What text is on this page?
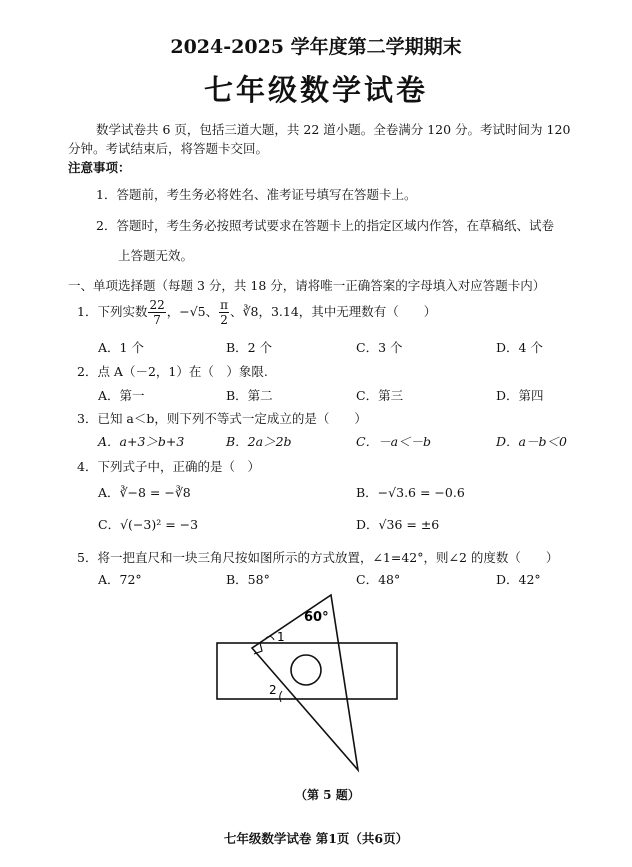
2024-2025 学年度第二学期期末
七年级数学试卷
数学试卷共 6 页，包括三道大题，共 22 道小题。全卷满分 120 分。考试时间为 120
分钟。考试结束后，将答题卡交回。
注意事项：
1．答题前，考生务必将姓名、准考证号填写在答题卡上。
2．答题时，考生务必按照考试要求在答题卡上的指定区域内作答，在草稿纸、试卷
上答题无效。
一、单项选择题（每题 3 分，共 18 分，请将唯一正确答案的字母填入对应答题卡内）
1．下列实数 $\frac{22}{7}$ ，−√5、 $\frac{\pi}{2}$ 、∛8，3.14，其中无理数有（　　）
A．1 个	B．2 个	C．3 个	D．4 个
2．点 A（－2，1）在（　）象限.
A．第一	B．第二	C．第三	D．第四
3．已知 a＜b，则下列不等式一定成立的是（　　）
A．a+3＞b+3	B．2a＞2b	C．－a＜－b	D．a－b＜0
4．下列式子中，正确的是（　）
A．∛−8 = −∛8	B．−√3.6 = −0.6
C．√(−3)² = −3	D．√36 = ±6
5．将一把直尺和一块三角尺按如图所示的方式放置，∠1=42°，则∠2 的度数（　　）
A．72°	B．58°	C．48°	D．42°
60°
1
2
（第 5 题）
七年级数学试卷 第1页（共6页）
